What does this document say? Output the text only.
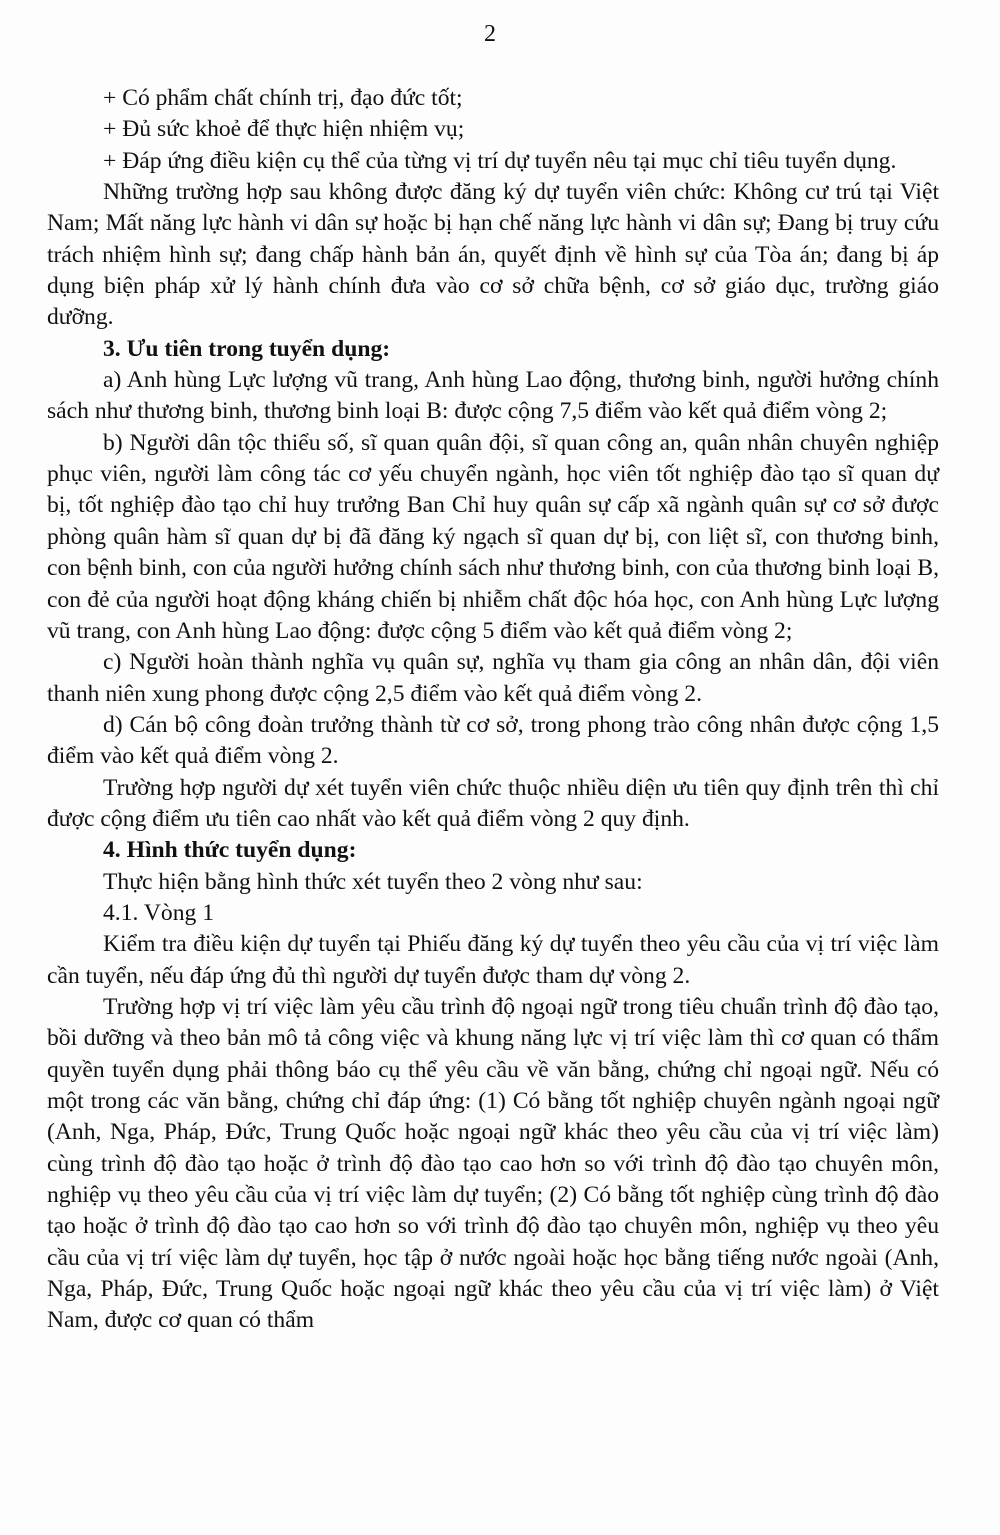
2

+ Có phẩm chất chính trị, đạo đức tốt;

+ Đủ sức khoẻ để thực hiện nhiệm vụ;

+ Đáp ứng điều kiện cụ thể của từng vị trí dự tuyển nêu tại mục chỉ tiêu tuyển dụng.

Những trường hợp sau không được đăng ký dự tuyển viên chức: Không cư trú tại Việt Nam; Mất năng lực hành vi dân sự hoặc bị hạn chế năng lực hành vi dân sự; Đang bị truy cứu trách nhiệm hình sự; đang chấp hành bản án, quyết định về hình sự của Tòa án; đang bị áp dụng biện pháp xử lý hành chính đưa vào cơ sở chữa bệnh, cơ sở giáo dục, trường giáo dưỡng.

3. Ưu tiên trong tuyển dụng:

a) Anh hùng Lực lượng vũ trang, Anh hùng Lao động, thương binh, người hưởng chính sách như thương binh, thương binh loại B: được cộng 7,5 điểm vào kết quả điểm vòng 2;

b) Người dân tộc thiểu số, sĩ quan quân đội, sĩ quan công an, quân nhân chuyên nghiệp phục viên, người làm công tác cơ yếu chuyển ngành, học viên tốt nghiệp đào tạo sĩ quan dự bị, tốt nghiệp đào tạo chỉ huy trưởng Ban Chỉ huy quân sự cấp xã ngành quân sự cơ sở được phòng quân hàm sĩ quan dự bị đã đăng ký ngạch sĩ quan dự bị, con liệt sĩ, con thương binh, con bệnh binh, con của người hưởng chính sách như thương binh, con của thương binh loại B, con đẻ của người hoạt động kháng chiến bị nhiễm chất độc hóa học, con Anh hùng Lực lượng vũ trang, con Anh hùng Lao động: được cộng 5 điểm vào kết quả điểm vòng 2;

c) Người hoàn thành nghĩa vụ quân sự, nghĩa vụ tham gia công an nhân dân, đội viên thanh niên xung phong được cộng 2,5 điểm vào kết quả điểm vòng 2.

d) Cán bộ công đoàn trưởng thành từ cơ sở, trong phong trào công nhân được cộng 1,5 điểm vào kết quả điểm vòng 2.

Trường hợp người dự xét tuyển viên chức thuộc nhiều diện ưu tiên quy định trên thì chỉ được cộng điểm ưu tiên cao nhất vào kết quả điểm vòng 2 quy định.

4. Hình thức tuyển dụng:

Thực hiện bằng hình thức xét tuyển theo 2 vòng như sau:

4.1. Vòng 1

Kiểm tra điều kiện dự tuyển tại Phiếu đăng ký dự tuyển theo yêu cầu của vị trí việc làm cần tuyển, nếu đáp ứng đủ thì người dự tuyển được tham dự vòng 2.

Trường hợp vị trí việc làm yêu cầu trình độ ngoại ngữ trong tiêu chuẩn trình độ đào tạo, bồi dưỡng và theo bản mô tả công việc và khung năng lực vị trí việc làm thì cơ quan có thẩm quyền tuyển dụng phải thông báo cụ thể yêu cầu về văn bằng, chứng chỉ ngoại ngữ. Nếu có một trong các văn bằng, chứng chỉ đáp ứng: (1) Có bằng tốt nghiệp chuyên ngành ngoại ngữ (Anh, Nga, Pháp, Đức, Trung Quốc hoặc ngoại ngữ khác theo yêu cầu của vị trí việc làm) cùng trình độ đào tạo hoặc ở trình độ đào tạo cao hơn so với trình độ đào tạo chuyên môn, nghiệp vụ theo yêu cầu của vị trí việc làm dự tuyển; (2) Có bằng tốt nghiệp cùng trình độ đào tạo hoặc ở trình độ đào tạo cao hơn so với trình độ đào tạo chuyên môn, nghiệp vụ theo yêu cầu của vị trí việc làm dự tuyển, học tập ở nước ngoài hoặc học bằng tiếng nước ngoài (Anh, Nga, Pháp, Đức, Trung Quốc hoặc ngoại ngữ khác theo yêu cầu của vị trí việc làm) ở Việt Nam, được cơ quan có thẩm
